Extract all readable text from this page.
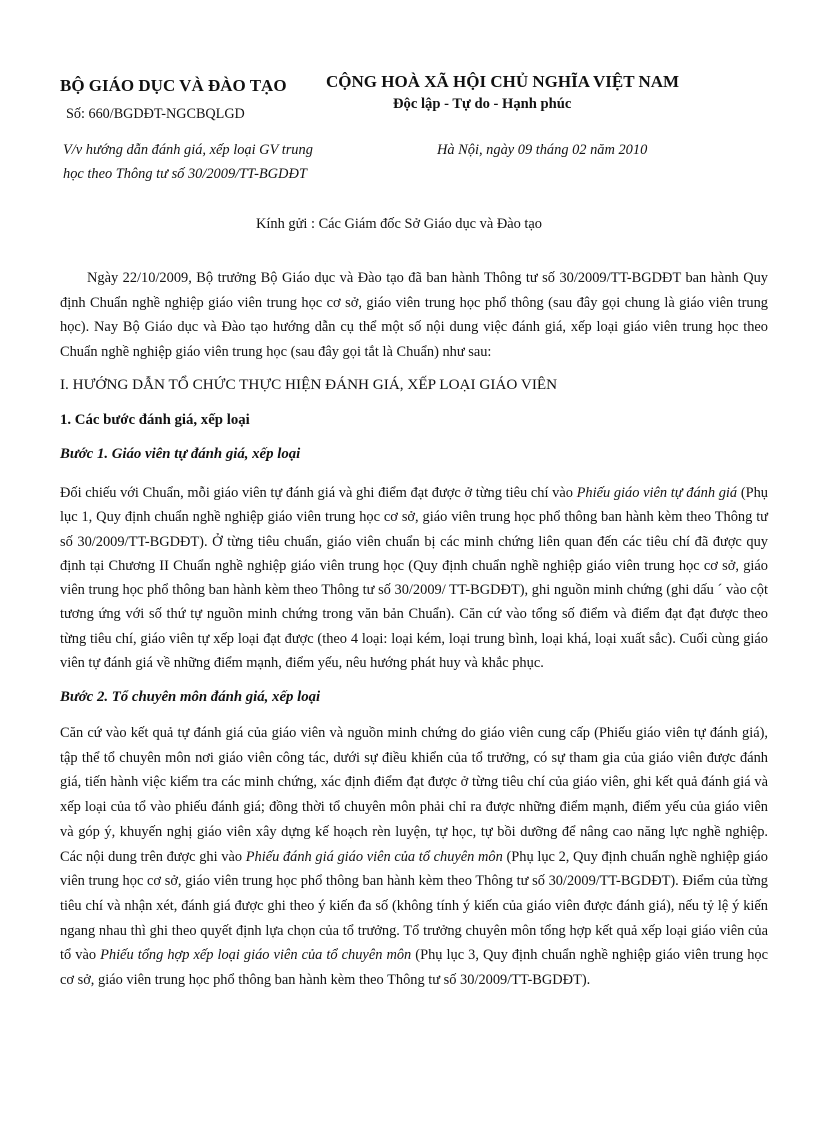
BỘ GIÁO DỤC VÀ ĐÀO TẠO
Số: 660/BGDĐT-NGCBQLGD
CỘNG HOÀ XÃ HỘI CHỦ NGHĨA VIỆT NAM
Độc lập - Tự do - Hạnh phúc
V/v hướng dẫn đánh giá, xếp loại GV trung
học theo Thông tư số 30/2009/TT-BGDĐT
Hà Nội, ngày 09 tháng 02 năm 2010
Kính gửi : Các Giám đốc Sở Giáo dục và Đào tạo

Ngày 22/10/2009, Bộ trưởng Bộ Giáo dục và Đào tạo đã ban hành Thông tư số 30/2009/TT-BGDĐT ban hành Quy định Chuẩn nghề nghiệp giáo viên trung học cơ sở, giáo viên trung học phổ thông (sau đây gọi chung là giáo viên trung học). Nay Bộ Giáo dục và Đào tạo hướng dẫn cụ thể một số nội dung việc đánh giá, xếp loại giáo viên trung học theo Chuẩn nghề nghiệp giáo viên trung học (sau đây gọi tắt là Chuẩn) như sau:

I. HƯỚNG DẪN TỔ CHỨC THỰC HIỆN ĐÁNH GIÁ, XẾP LOẠI GIÁO VIÊN
1. Các bước đánh giá, xếp loại
Bước 1. Giáo viên tự đánh giá, xếp loại

Đối chiếu với Chuẩn, mỗi giáo viên tự đánh giá và ghi điểm đạt được ở từng tiêu chí vào Phiếu giáo viên tự đánh giá (Phụ lục 1, Quy định chuẩn nghề nghiệp giáo viên trung học cơ sở, giáo viên trung học phổ thông ban hành kèm theo Thông tư số 30/2009/TT-BGDĐT). Ở từng tiêu chuẩn, giáo viên chuẩn bị các minh chứng liên quan đến các tiêu chí đã được quy định tại Chương II Chuẩn nghề nghiệp giáo viên trung học (Quy định chuẩn nghề nghiệp giáo viên trung học cơ sở, giáo viên trung học phổ thông ban hành kèm theo Thông tư số 30/2009/ TT-BGDĐT), ghi nguồn minh chứng (ghi dấu ´ vào cột tương ứng với số thứ tự nguồn minh chứng trong văn bản Chuẩn). Căn cứ vào tổng số điểm và điểm đạt đạt được theo từng tiêu chí, giáo viên tự xếp loại đạt được (theo 4 loại: loại kém, loại trung bình, loại khá, loại xuất sắc). Cuối cùng giáo viên tự đánh giá về những điểm mạnh, điểm yếu, nêu hướng phát huy và khắc phục.

Bước 2. Tổ chuyên môn đánh giá, xếp loại

Căn cứ vào kết quả tự đánh giá của giáo viên và nguồn minh chứng do giáo viên cung cấp (Phiếu giáo viên tự đánh giá), tập thể tổ chuyên môn nơi giáo viên công tác, dưới sự điều khiển của tổ trưởng, có sự tham gia của giáo viên được đánh giá, tiến hành việc kiểm tra các minh chứng, xác định điểm đạt được ở từng tiêu chí của giáo viên, ghi kết quả đánh giá và xếp loại của tổ vào phiếu đánh giá; đồng thời tổ chuyên môn phải chỉ ra được những điểm mạnh, điểm yếu của giáo viên và góp ý, khuyến nghị giáo viên xây dựng kế hoạch rèn luyện, tự học, tự bồi dưỡng để nâng cao năng lực nghề nghiệp. Các nội dung trên được ghi vào Phiếu đánh giá giáo viên của tổ chuyên môn (Phụ lục 2, Quy định chuẩn nghề nghiệp giáo viên trung học cơ sở, giáo viên trung học phổ thông ban hành kèm theo Thông tư số 30/2009/TT-BGDĐT). Điểm của từng tiêu chí và nhận xét, đánh giá được ghi theo ý kiến đa số (không tính ý kiến của giáo viên được đánh giá), nếu tỷ lệ ý kiến ngang nhau thì ghi theo quyết định lựa chọn của tổ trưởng. Tổ trưởng chuyên môn tổng hợp kết quả xếp loại giáo viên của tổ vào Phiếu tổng hợp xếp loại giáo viên của tổ chuyên môn (Phụ lục 3, Quy định chuẩn nghề nghiệp giáo viên trung học cơ sở, giáo viên trung học phổ thông ban hành kèm theo Thông tư số 30/2009/TT-BGDĐT).
